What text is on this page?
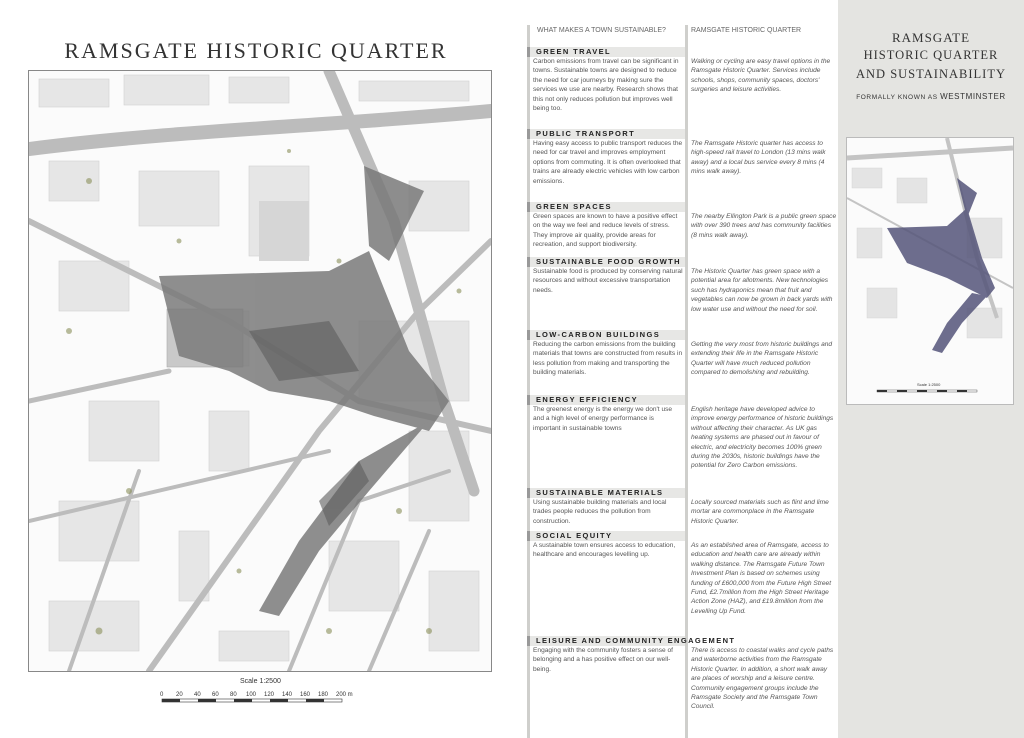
RAMSGATE HISTORIC QUARTER
Scale 1:2500
0 20 40 60 80 100 120 140 160 180 200 m
WHAT MAKES A TOWN SUSTAINABLE?	RAMSGATE HISTORIC QUARTER
GREEN TRAVEL
Carbon emissions from travel can be significant in towns. Sustainable towns are designed to reduce the need for car journeys by making sure the services we use are nearby. Research shows that this not only reduces pollution but improves well being too.
Walking or cycling are easy travel options in the Ramsgate Historic Quarter. Services include schools, shops, community spaces, doctors' surgeries and leisure activities.
PUBLIC TRANSPORT
Having easy access to public transport reduces the need for car travel and improves employment options from commuting. It is often overlooked that trains are already electric vehicles with low carbon emissions.
The Ramsgate Historic quarter has access to high-speed rail travel to London (13 mins walk away) and a local bus service every 8 mins (4 mins walk away).
GREEN SPACES
Green spaces are known to have a positive effect on the way we feel and reduce levels of stress. They improve air quality, provide areas for recreation, and support biodiversity.
The nearby Ellington Park is a public green space with over 390 trees and has community facilities (8 mins walk away).
SUSTAINABLE FOOD GROWTH
Sustainable food is produced by conserving natural resources and without excessive transportation needs.
The Historic Quarter has green space with a potential area for allotments. New technologies such has hydraponics mean that fruit and vegetables can now be grown in back yards with low water use and without the need for soil.
LOW-CARBON BUILDINGS
Reducing the carbon emissions from the building materials that towns are constructed from results in less pollution from making and transporting the building materials.
Getting the very most from historic buildings and extending their life in the Ramsgate Historic Quarter will have much reduced pollution compared to demolishing and rebuilding.
ENERGY EFFICIENCY
The greenest energy is the energy we don't use and a high level of energy performance is important in sustainable towns
English heritage have developed advice to improve energy performance of historic buildings without affecting their character. As UK gas heating systems are phased out in favour of electric, and electricity becomes 100% green during the 2030s, historic buildings have the potential for Zero Carbon emissions.
SUSTAINABLE MATERIALS
Using sustainable building materials and local trades people reduces the pollution from construction.
Locally sourced materials such as flint and lime mortar are commonplace in the Ramsgate Historic Quarter.
SOCIAL EQUITY
A sustainable town ensures access to education, healthcare and encourages levelling up.
As an established area of Ramsgate, access to education and health care are already within walking distance. The Ramsgate Future Town Investment Plan is based on schemes using funding of £600,000 from the Future High Street Fund, £2.7million from the High Street Heritage Action Zone (HAZ), and £19.8million from the Levelling Up Fund.
LEISURE AND COMMUNITY ENGAGEMENT
Engaging with the community fosters a sense of belonging and a has positive effect on our well-being.
There is access to coastal walks and cycle paths and waterborne activities from the Ramsgate Historic Quarter. In addition, a short walk away are places of worship and a leisure centre. Community engagement groups include the Ramsgate Society and the Ramsgate Town Council.
RAMSGATE
HISTORIC QUARTER
AND SUSTAINABILITY
FORMALLY KNOWN AS WESTMINSTER
Scale 1:2500
